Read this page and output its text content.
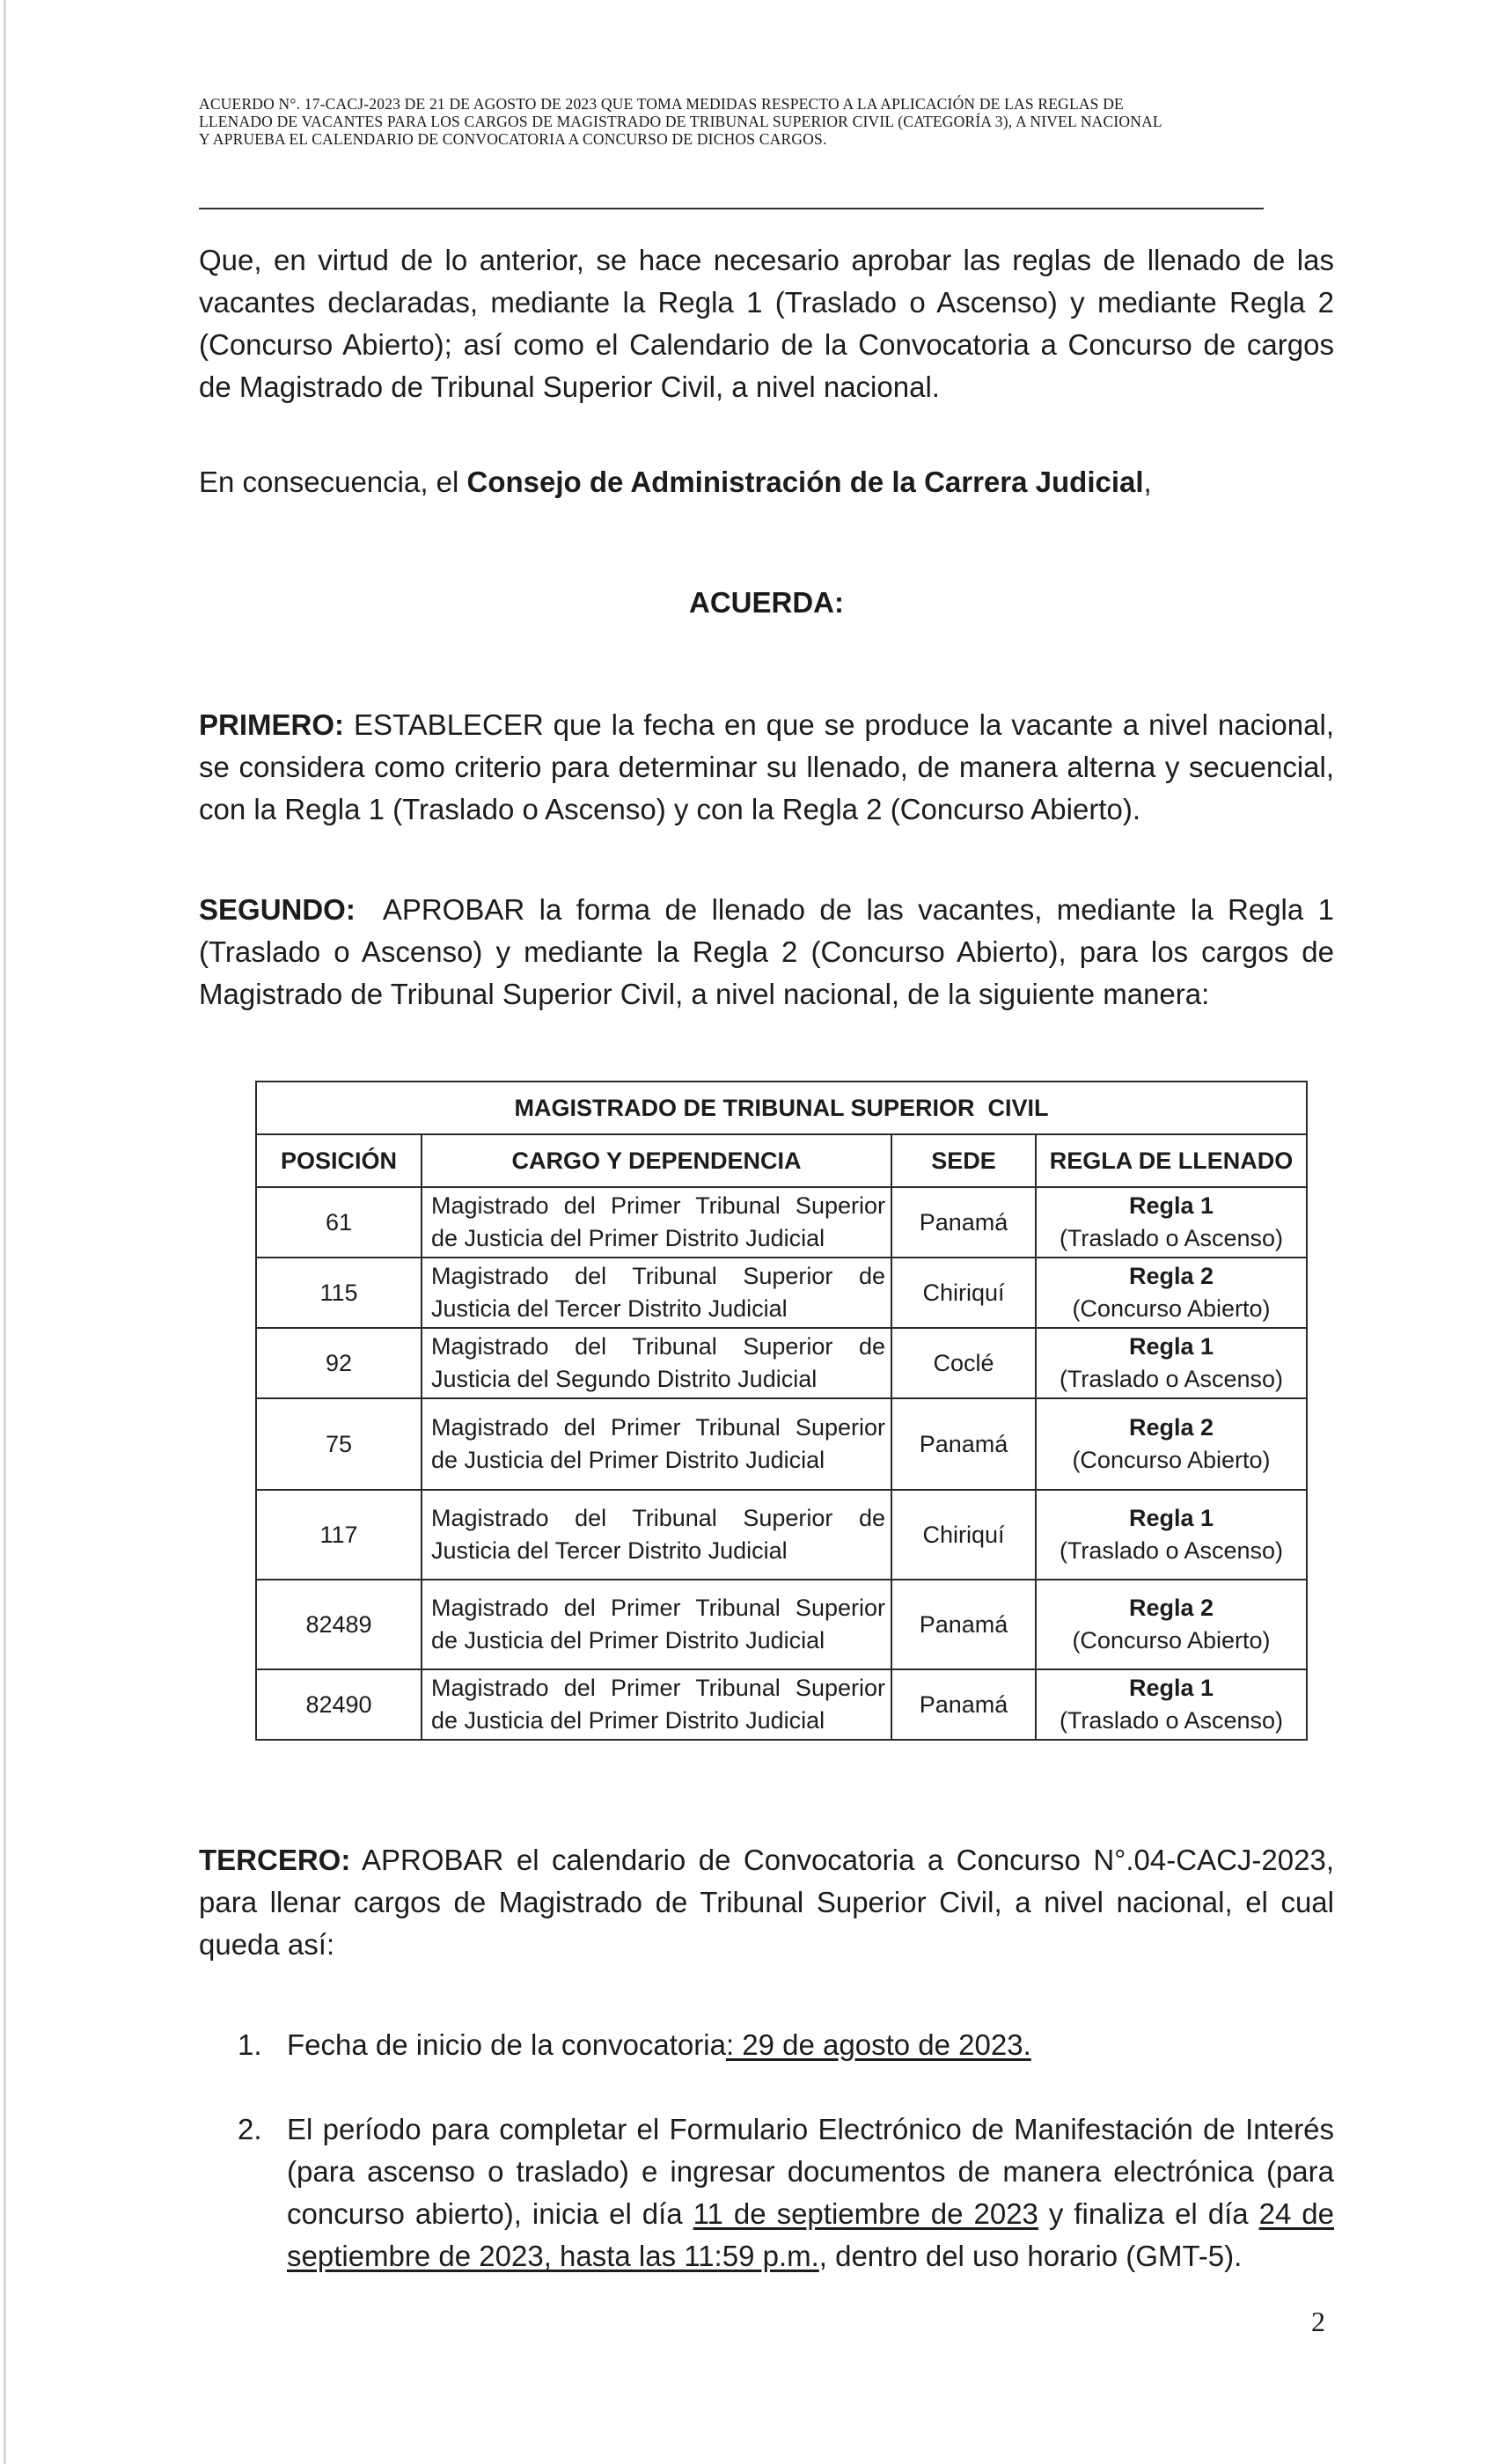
ACUERDO N°. 17-CACJ-2023 DE 21 DE AGOSTO DE 2023 QUE TOMA MEDIDAS RESPECTO A LA APLICACIÓN DE LAS REGLAS DE
LLENADO DE VACANTES PARA LOS CARGOS DE MAGISTRADO DE TRIBUNAL SUPERIOR CIVIL (CATEGORÍA 3), A NIVEL NACIONAL
Y APRUEBA EL CALENDARIO DE CONVOCATORIA A CONCURSO DE DICHOS CARGOS.

Que, en virtud de lo anterior, se hace necesario aprobar las reglas de llenado de las vacantes declaradas, mediante la Regla 1 (Traslado o Ascenso) y mediante Regla 2 (Concurso Abierto); así como el Calendario de la Convocatoria a Concurso de cargos de Magistrado de Tribunal Superior Civil, a nivel nacional.

En consecuencia, el Consejo de Administración de la Carrera Judicial,

ACUERDA:

PRIMERO: ESTABLECER que la fecha en que se produce la vacante a nivel nacional, se considera como criterio para determinar su llenado, de manera alterna y secuencial, con la Regla 1 (Traslado o Ascenso) y con la Regla 2 (Concurso Abierto).

SEGUNDO:  APROBAR la forma de llenado de las vacantes, mediante la Regla 1 (Traslado o Ascenso) y mediante la Regla 2 (Concurso Abierto), para los cargos de Magistrado de Tribunal Superior Civil, a nivel nacional, de la siguiente manera:

MAGISTRADO DE TRIBUNAL SUPERIOR  CIVIL			
POSICIÓN	CARGO Y DEPENDENCIA	SEDE	REGLA DE LLENADO
61	Magistrado del Primer Tribunal Superior
de Justicia del Primer Distrito Judicial	Panamá	Regla 1
(Traslado o Ascenso)

115	Magistrado del Tribunal Superior de
Justicia del Tercer Distrito Judicial	Chiriquí	Regla 2
(Concurso Abierto)

92	Magistrado del Tribunal Superior de
Justicia del Segundo Distrito Judicial	Coclé	Regla 1
(Traslado o Ascenso)

75	Magistrado del Primer Tribunal Superior
de Justicia del Primer Distrito Judicial	Panamá	Regla 2
(Concurso Abierto)

117	Magistrado del Tribunal Superior de
Justicia del Tercer Distrito Judicial	Chiriquí	Regla 1
(Traslado o Ascenso)

82489	Magistrado del Primer Tribunal Superior
de Justicia del Primer Distrito Judicial	Panamá	Regla 2
(Concurso Abierto)

82490	Magistrado del Primer Tribunal Superior
de Justicia del Primer Distrito Judicial	Panamá	Regla 1
(Traslado o Ascenso)

TERCERO: APROBAR el calendario de Convocatoria a Concurso N°.04-CACJ-2023, para llenar cargos de Magistrado de Tribunal Superior Civil, a nivel nacional, el cual queda así:

1. Fecha de inicio de la convocatoria: 29 de agosto de 2023.
2. El período para completar el Formulario Electrónico de Manifestación de Interés (para ascenso o traslado) e ingresar documentos de manera electrónica (para concurso abierto), inicia el día 11 de septiembre de 2023 y finaliza el día 24 de septiembre de 2023, hasta las 11:59 p.m., dentro del uso horario (GMT-5).
2
